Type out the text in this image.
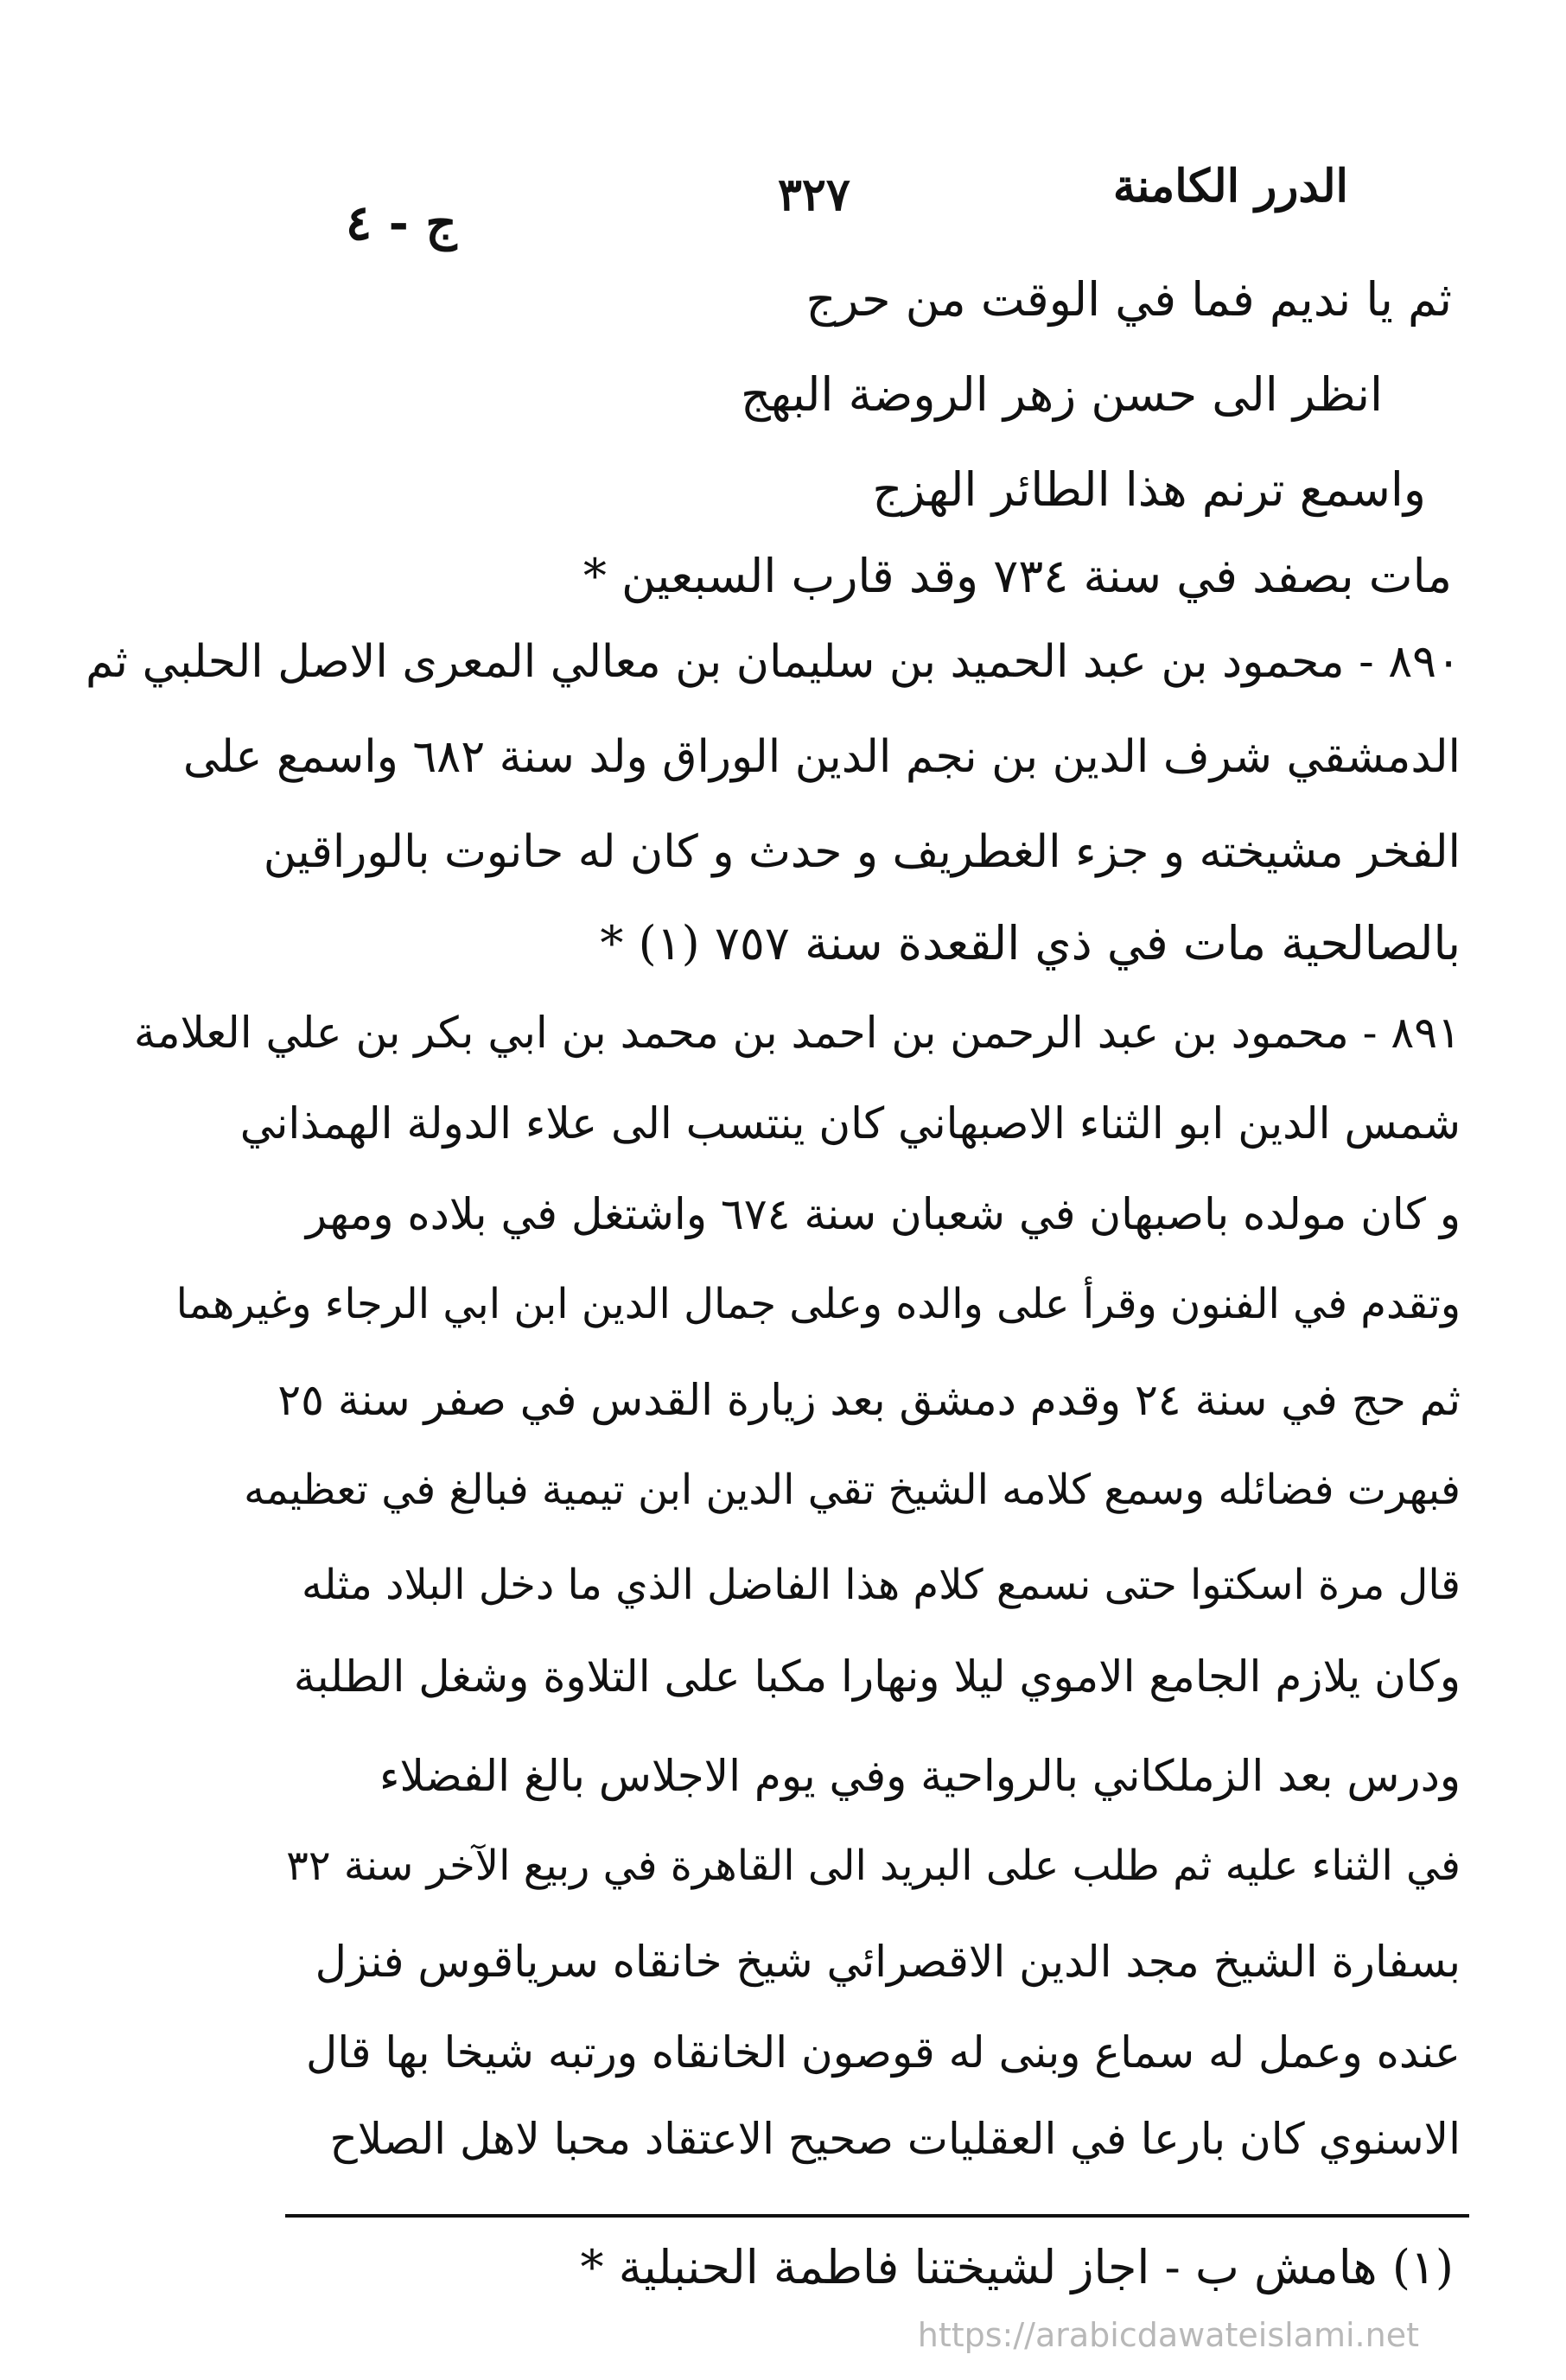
الدرر الكامنة
٣٢٧
ج - ٤
ثم يا نديم فما في الوقت من حرج
انظر الى حسن زهر الروضة البهج
واسمع ترنم هذا الطائر الهزج
مات بصفد في سنة ٧٣٤ وقد قارب السبعين *
٨٩٠ - محمود بن عبد الحميد بن سليمان بن معالي المعرى الاصل الحلبي ثم
الدمشقي شرف الدين بن نجم الدين الوراق ولد سنة ٦٨٢ واسمع على
الفخر مشيخته و جزء الغطريف و حدث و كان له حانوت بالوراقين
بالصالحية مات في ذي القعدة سنة ٧٥٧ (١) *
٨٩١ - محمود بن عبد الرحمن بن احمد بن محمد بن ابي بكر بن علي العلامة
شمس الدين ابو الثناء الاصبهاني كان ينتسب الى علاء الدولة الهمذاني
و كان مولده باصبهان في شعبان سنة ٦٧٤ واشتغل في بلاده ومهر
وتقدم في الفنون وقرأ على والده وعلى جمال الدين ابن ابي الرجاء وغيرهما
ثم حج في سنة ٢٤ وقدم دمشق بعد زيارة القدس في صفر سنة ٢٥
فبهرت فضائله وسمع كلامه الشيخ تقي الدين ابن تيمية فبالغ في تعظيمه
قال مرة اسكتوا حتى نسمع كلام هذا الفاضل الذي ما دخل البلاد مثله
وكان يلازم الجامع الاموي ليلا ونهارا مكبا على التلاوة وشغل الطلبة
ودرس بعد الزملكاني بالرواحية وفي يوم الاجلاس بالغ الفضلاء
في الثناء عليه ثم طلب على البريد الى القاهرة في ربيع الآخر سنة ٣٢
بسفارة الشيخ مجد الدين الاقصرائي شيخ خانقاه سرياقوس فنزل
عنده وعمل له سماع وبنى له قوصون الخانقاه ورتبه شيخا بها قال
الاسنوي كان بارعا في العقليات صحيح الاعتقاد محبا لاهل الصلاح
(١) هامش ب - اجاز لشيختنا فاطمة الحنبلية *
https://arabicdawateislami.net
